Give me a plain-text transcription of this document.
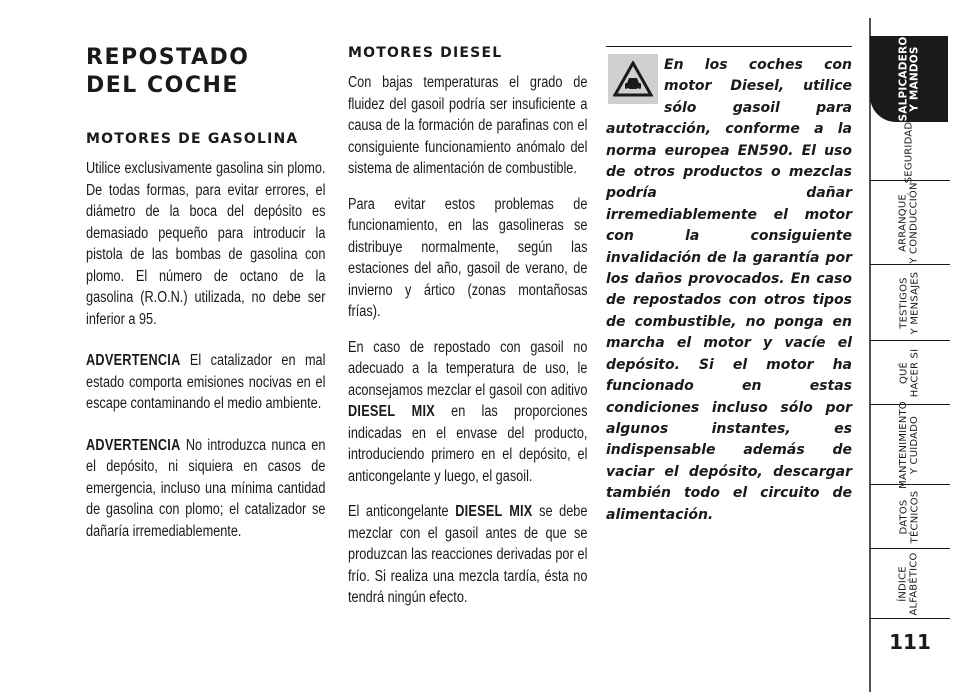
REPOSTADO
DEL COCHE
MOTORES DE GASOLINA

Utilice exclusivamente gasolina sin plomo. De todas formas, para evitar errores, el diámetro de la boca del depósito es demasiado pequeño para introducir la pistola de las bombas de gasolina con plomo. El número de octano de la gasolina (R.O.N.) utilizada, no debe ser inferior a 95.

ADVERTENCIA El catalizador en mal estado comporta emisiones nocivas en el escape contaminando el medio ambiente.

ADVERTENCIA No introduzca nunca en el depósito, ni siquiera en casos de emergencia, incluso una mínima cantidad de gasolina con plomo; el catalizador se dañaría irremediablemente.

MOTORES DIESEL

Con bajas temperaturas el grado de fluidez del gasoil podría ser insuficiente a causa de la formación de parafinas con el consiguiente funcionamiento anómalo del sistema de alimentación de combustible.

Para evitar estos problemas de funcionamiento, en las gasolineras se distribuye normalmente, según las estaciones del año, gasoil de verano, de invierno y ártico (zonas montañosas frías).

En caso de repostado con gasoil no adecuado a la temperatura de uso, le aconsejamos mezclar el gasoil con aditivo DIESEL MIX en las proporciones indicadas en el envase del producto, introduciendo primero en el depósito, el anticongelante y luego, el gasoil.

El anticongelante DIESEL MIX se debe mezclar con el gasoil antes de que se produzcan las reacciones derivadas por el frío. Si realiza una mezcla tardía, ésta no tendrá ningún efecto.

En los coches con motor Diesel, utilice sólo gasoil para autotracción, conforme a la norma europea EN590. El uso de otros productos o mezclas podría dañar irremediablemente el motor con la consiguiente invalidación de la garantía por los daños provocados. En caso de repostados con otros tipos de combustible, no ponga en marcha el motor y vacíe el depósito. Si el motor ha funcionado en estas condiciones incluso sólo por algunos instantes, es indispensable además de vaciar el depósito, descargar también todo el circuito de alimentación.
SALPICADERO Y MANDOS
SEGURIDAD
ARRANQUE Y CONDUCCIÓN
TESTIGOS Y MENSAJES
QUÉ HACER SI
MANTENIMIENTO Y CUIDADO
DATOS TÉCNICOS
ÍNDICE ALFABÉTICO
111
